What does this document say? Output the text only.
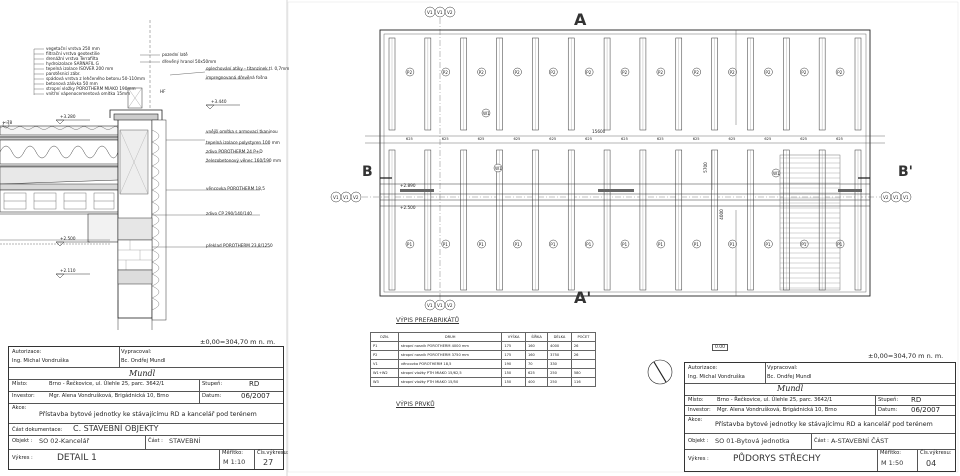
vegetační vrstva 250 mm
filtrační vrstva geotextilie
drenážní vrstva Terrafilta
hydroizolace SARNAFIL G
tepelná izolace ISOVER 200 mm
parotěsnicí zábr.
spádová vrstva z lehčeného betonu 50-110mm
betonová zálivka 50 mm
stropní vložky POROTHERM MIAKO 190mm
vnitřní vápenocementová omítka 15mm
pozední latě
dřevěný hranol 50x50mm
oplechování atiky - titanzinek tl. 0,7mm
impregnovaná dřevěná fošna
vnější omítka s armovací tkaninou
tepelná izolace polystyren 100 mm
zdivo POROTHERM 24 P+D
železobetonový věnec 160/190 mm
věncovka POROTHERM 18,5
zdivo CP 290/140/140
překlad POROTHERM 23,8/1250
+3.280
+3.440
+2.500
+2.110
HF
+.78
A
A'
B	B'
V1 V1 V2
V1 V1 V2
V1 V1 V2	V2 V1 V1
P2
P1
625
P2
P1
625
P2
P1
625
P2
P1
625
P2
P1
625
P2
P1
625
P2
P1
625
P2
P1
625
P2
P1
625
P2
P1
625
P2
P1
625
P2
P1
625
P2
P1
625
15600
+2.890
+2.500
4000
5700
W1
W1
W1
VÝPIS PREFABRIKÁTŮ
OZN.	DRUH	VÝŠKA	ŠÍŘKA	DÉLKA	POČET
P1	stropní nosník POROTHERM 4000 mm	175	160	4000	26
P2	stropní nosník POROTHERM 3750 mm	175	160	3750	26
V1	věncovka POROTHERM 18,5	190	70	330	
W1+W2	stropní vložky PTH MIAKO 15/62,5	150	625	250	580
W3	stropní vložky PTH MIAKO 15/50	150	400	250	116
VÝPIS PRVKŮ
±0,00=304,70 m n. m.
Autorizace:	Vypracoval:
Ing. Michal Vondruška	Bc. Ondřej Mundl
Mundl
Místo:	Brno - Řečkovice, ul. Úlehle 25, parc. 3642/1	Stupeň:	RD
Investor:	Mgr. Alena Vondrušková, Brigádnická 10, Brno	Datum:	06/2007
Akce:
Přístavba bytové jednotky ke stávajícímu RD a kancelář pod terénem
Část dokumentace: C. STAVEBNÍ OBJEKTY
Objekt : SO 02-Kancelář	Část : STAVEBNÍ
Výkres :	DETAIL 1	Měřítko:
M 1:10
Čís.výkresu:
27
0.00
±0,00=304,70 m n. m.
Autorizace:	Vypracoval:
Ing. Michal Vondruška	Bc. Ondřej Mundl
Mundl
Místo:	Brno - Řečkovice, ul. Úlehle 25, parc. 3642/1	Stupeň: RD
Investor: Mgr. Alena Vondrušková, Brigádnická 10, Brno	Datum: 06/2007
Akce:
Přístavba bytové jednotky ke stávajícímu RD a kancelář pod terénem
Objekt : SO 01-Bytová jednotka	Část : A-STAVEBNÍ ČÁST
Výkres :	PŮDORYS STŘECHY
Měřítko:
M 1:50
Čís.výkresu:
04
